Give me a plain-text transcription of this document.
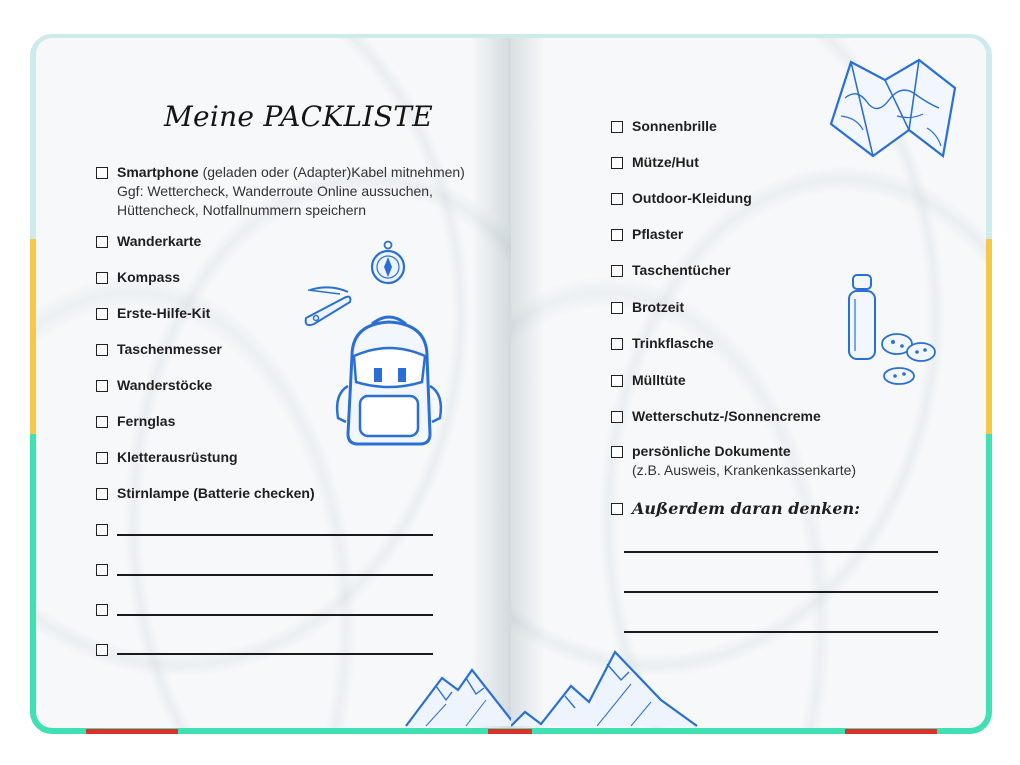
Meine PACKLISTE
Smartphone (geladen oder (Adapter)Kabel mitnehmen)
Ggf: Wettercheck, Wanderroute Online aussuchen,
Hüttencheck, Notfallnummern speichern
Wanderkarte
Kompass
Erste-Hilfe-Kit
Taschenmesser
Wanderstöcke
Fernglas
Kletterausrüstung
Stirnlampe (Batterie checken)
Sonnenbrille
Mütze/Hut
Outdoor-Kleidung
Pflaster
Taschentücher
Brotzeit
Trinkflasche
Mülltüte
Wetterschutz-/Sonnencreme
persönliche Dokumente
(z.B. Ausweis, Krankenkassenkarte)
Außerdem daran denken:
